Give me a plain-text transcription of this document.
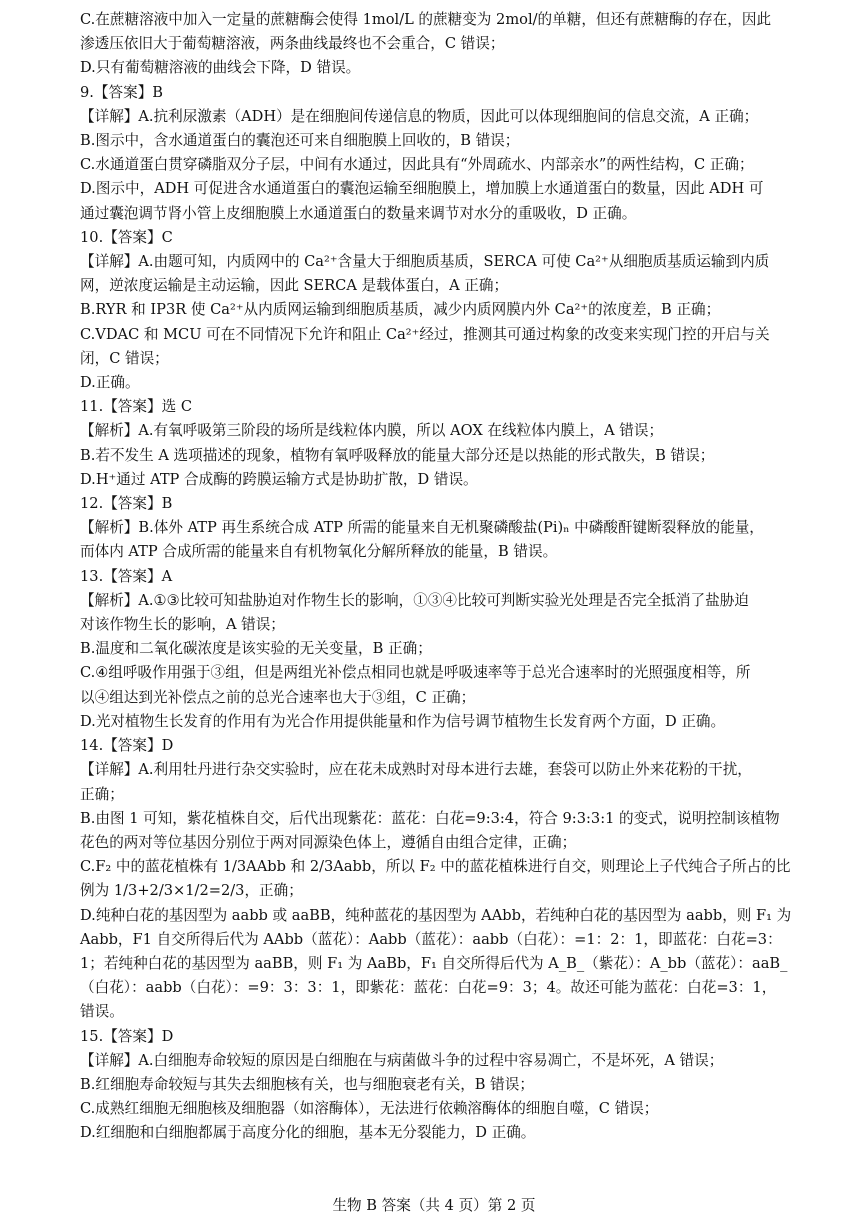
C.在蔗糖溶液中加入一定量的蔗糖酶会使得 1mol/L 的蔗糖变为 2mol/的单糖，但还有蔗糖酶的存在，因此
渗透压依旧大于葡萄糖溶液，两条曲线最终也不会重合，C 错误；
D.只有葡萄糖溶液的曲线会下降，D 错误。
9.【答案】B
【详解】A.抗利尿激素（ADH）是在细胞间传递信息的物质，因此可以体现细胞间的信息交流，A 正确；
B.图示中，含水通道蛋白的囊泡还可来自细胞膜上回收的，B 错误；
C.水通道蛋白贯穿磷脂双分子层，中间有水通过，因此具有“外周疏水、内部亲水”的两性结构，C 正确；
D.图示中，ADH 可促进含水通道蛋白的囊泡运输至细胞膜上，增加膜上水通道蛋白的数量，因此 ADH 可
通过囊泡调节肾小管上皮细胞膜上水通道蛋白的数量来调节对水分的重吸收，D 正确。
10.【答案】C
【详解】A.由题可知，内质网中的 Ca²⁺含量大于细胞质基质，SERCA 可使 Ca²⁺从细胞质基质运输到内质
网，逆浓度运输是主动运输，因此 SERCA 是载体蛋白，A 正确；
B.RYR 和 IP3R 使 Ca²⁺从内质网运输到细胞质基质，减少内质网膜内外 Ca²⁺的浓度差，B 正确；
C.VDAC 和 MCU 可在不同情况下允许和阻止 Ca²⁺经过，推测其可通过构象的改变来实现门控的开启与关
闭，C 错误；
D.正确。
11.【答案】选 C
【解析】A.有氧呼吸第三阶段的场所是线粒体内膜，所以 AOX 在线粒体内膜上，A 错误；
B.若不发生 A 选项描述的现象，植物有氧呼吸释放的能量大部分还是以热能的形式散失，B 错误；
D.H⁺通过 ATP 合成酶的跨膜运输方式是协助扩散，D 错误。
12.【答案】B
【解析】B.体外 ATP 再生系统合成 ATP 所需的能量来自无机聚磷酸盐(Pi)ₙ 中磷酸酐键断裂释放的能量，
而体内 ATP 合成所需的能量来自有机物氧化分解所释放的能量，B 错误。
13.【答案】A
【解析】A.①③比较可知盐胁迫对作物生长的影响，①③④比较可判断实验光处理是否完全抵消了盐胁迫
对该作物生长的影响，A 错误；
B.温度和二氧化碳浓度是该实验的无关变量，B 正确；
C.④组呼吸作用强于③组，但是两组光补偿点相同也就是呼吸速率等于总光合速率时的光照强度相等，所
以④组达到光补偿点之前的总光合速率也大于③组，C 正确；
D.光对植物生长发育的作用有为光合作用提供能量和作为信号调节植物生长发育两个方面，D 正确。
14.【答案】D
【详解】A.利用牡丹进行杂交实验时，应在花未成熟时对母本进行去雄，套袋可以防止外来花粉的干扰，
正确；
B.由图 1 可知，紫花植株自交，后代出现紫花：蓝花：白花=9:3:4，符合 9:3:3:1 的变式，说明控制该植物
花色的两对等位基因分别位于两对同源染色体上，遵循自由组合定律，正确；
C.F₂ 中的蓝花植株有 1/3AAbb 和 2/3Aabb，所以 F₂ 中的蓝花植株进行自交，则理论上子代纯合子所占的比
例为 1/3+2/3×1/2=2/3，正确；
D.纯种白花的基因型为 aabb 或 aaBB，纯种蓝花的基因型为 AAbb，若纯种白花的基因型为 aabb，则 F₁ 为
Aabb，F1 自交所得后代为 AAbb（蓝花）：Aabb（蓝花）：aabb（白花）：=1：2：1，即蓝花：白花=3：
1；若纯种白花的基因型为 aaBB，则 F₁ 为 AaBb，F₁ 自交所得后代为 A_B_（紫花）：A_bb（蓝花）：aaB_
（白花）：aabb（白花）：=9：3：3：1，即紫花：蓝花：白花=9：3；4。故还可能为蓝花：白花=3：1，
错误。
15.【答案】D
【详解】A.白细胞寿命较短的原因是白细胞在与病菌做斗争的过程中容易凋亡，不是坏死，A 错误；
B.红细胞寿命较短与其失去细胞核有关，也与细胞衰老有关，B 错误；
C.成熟红细胞无细胞核及细胞器（如溶酶体），无法进行依赖溶酶体的细胞自噬，C 错误；
D.红细胞和白细胞都属于高度分化的细胞，基本无分裂能力，D 正确。
生物 B 答案（共 4 页）第 2 页
